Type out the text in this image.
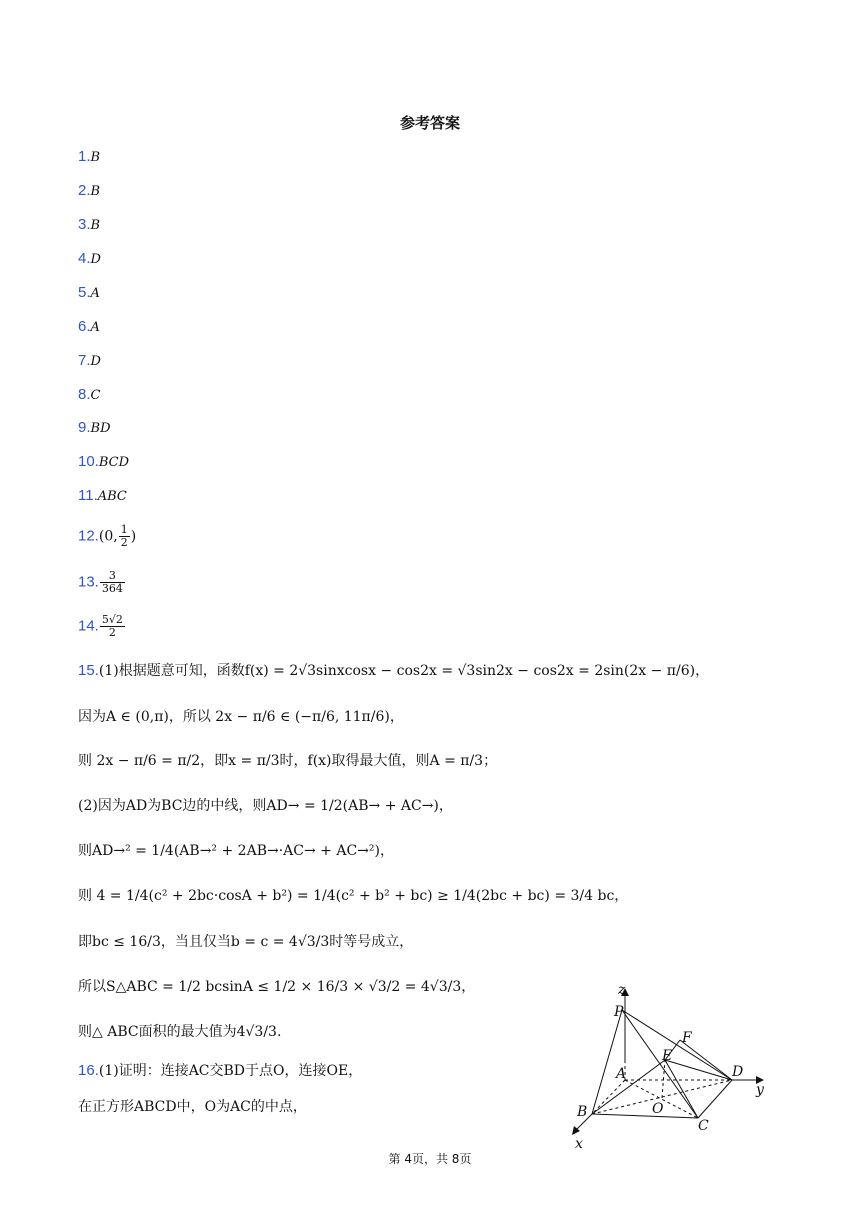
参考答案
1.B
2.B
3.B
4.D
5.A
6.A
7.D
8.C
9.BD
10.BCD
11.ABC
12.(0, $\frac{1}{2}$ )
13. $\frac{3}{364}$
14. $\frac{5√2}{2}$
15.(1)根据题意可知，函数f(x) = 2√3sinxcosx − cos2x = √3sin2x − cos2x = 2sin(2x − π/6)，
因为A ∈ (0,π)，所以 2x − π/6 ∈ (−π/6, 11π/6)，
则 2x − π/6 = π/2，即x = π/3时，f(x)取得最大值，则A = π/3；
(2)因为AD为BC边的中线，则AD→ = 1/2(AB→ + AC→)，
则AD→² = 1/4(AB→² + 2AB→·AC→ + AC→²)，
则 4 = 1/4(c² + 2bc·cosA + b²) = 1/4(c² + b² + bc) ≥ 1/4(2bc + bc) = 3/4 bc，
即bc ≤ 16/3，当且仅当b = c = 4√3/3时等号成立，
所以S△ABC = 1/2 bcsinA ≤ 1/2 × 16/3 × √3/2 = 4√3/3，
则△ ABC面积的最大值为4√3/3.
16.(1)证明：连接AC交BD于点O，连接OE，
在正方形ABCD中，O为AC的中点，
z
P
F
E
A	D
y
O
B
C
x
第 4页，共 8页
